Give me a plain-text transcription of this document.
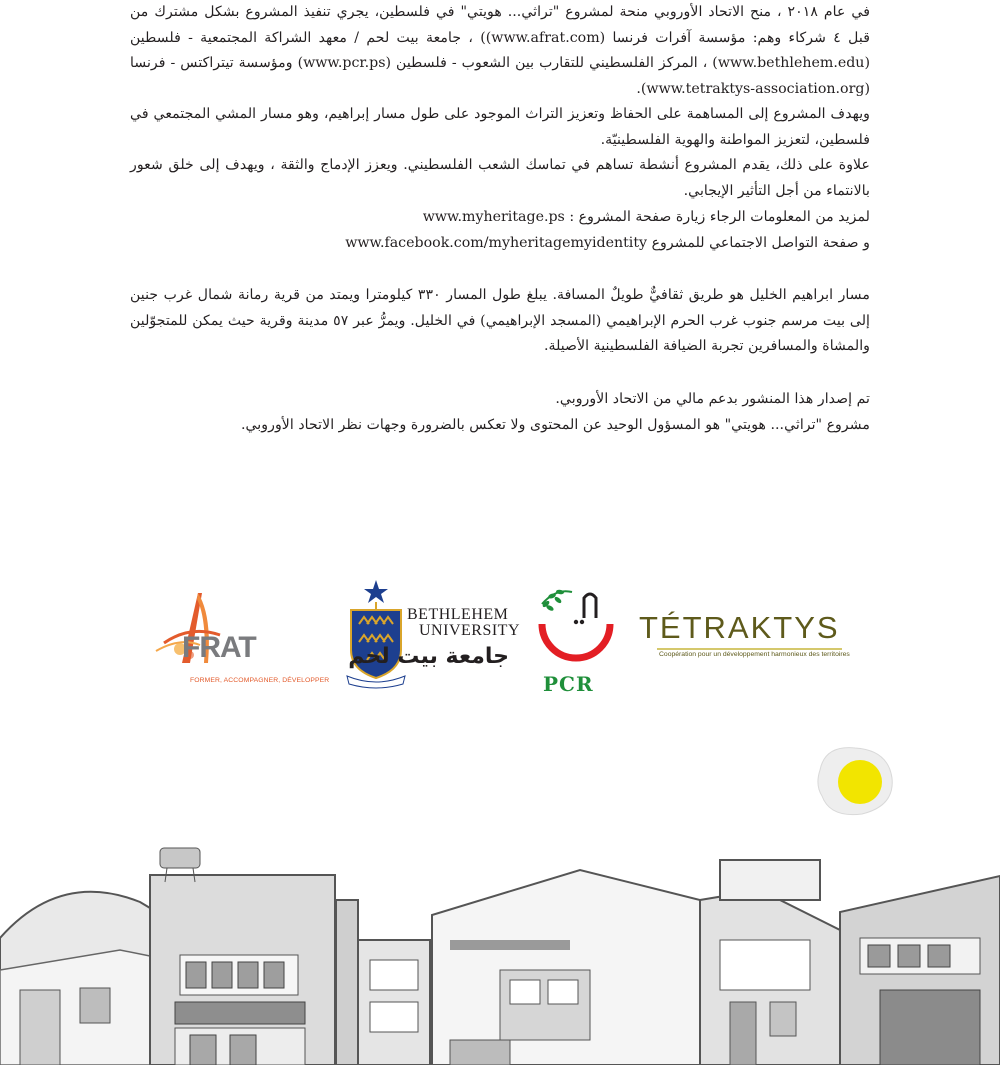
في عام ٢٠١٨ ، منح الاتحاد الأوروبي منحة لمشروع "تراثي... هويتي" في فلسطين، يجري تنفيذ المشروع بشكل مشترك من قبل ٤ شركاء وهم: مؤسسة آفرات فرنسا (www.afrat.com)) ، جامعة بيت لحم / معهد الشراكة المجتمعية - فلسطين (www.bethlehem.edu) ، المركز الفلسطيني للتقارب بين الشعوب - فلسطين (www.pcr.ps) ومؤسسة تيتراكتس - فرنسا (www.tetraktys-association.org).

ويهدف المشروع إلى المساهمة على الحفاظ وتعزيز التراث الموجود على طول مسار إبراهيم، وهو مسار المشي المجتمعي في فلسطين، لتعزيز المواطنة والهوية الفلسطينيّة.

علاوة على ذلك، يقدم المشروع أنشطة تساهم في تماسك الشعب الفلسطيني. ويعزز الإدماج والثقة ، ويهدف إلى خلق شعور بالانتماء من أجل التأثير الإيجابي.

لمزيد من المعلومات الرجاء زيارة صفحة المشروع : www.myheritage.ps

و صفحة التواصل الاجتماعي للمشروع www.facebook.com/myheritagemyidentity

مسار ابراهيم الخليل هو طريق ثقافيٌّ طويلٌ المسافة. يبلغ طول المسار ٣٣٠ كيلومترا ويمتد من قرية رمانة شمال غرب جنين إلى بيت مرسم جنوب غرب الحرم الإبراهيمي (المسجد الإبراهيمي) في الخليل. ويمرُّ عبر ٥٧ مدينة وقرية حيث يمكن للمتجوّلين والمشاة والمسافرين تجربة الضيافة الفلسطينية الأصيلة.

تم إصدار هذا المنشور بدعم مالي من الاتحاد الأوروبي.

مشروع "تراثي... هويتي" هو المسؤول الوحيد عن المحتوى ولا تعكس بالضرورة وجهات نظر الاتحاد الأوروبي.

FRAT
FORMER, ACCOMPAGNER, DÉVELOPPER
BETHLEHEM
UNIVERSITY
جامعة بيت لحم
PCR
TÉTRAKTYS
Coopération pour un développement harmonieux des territoires
